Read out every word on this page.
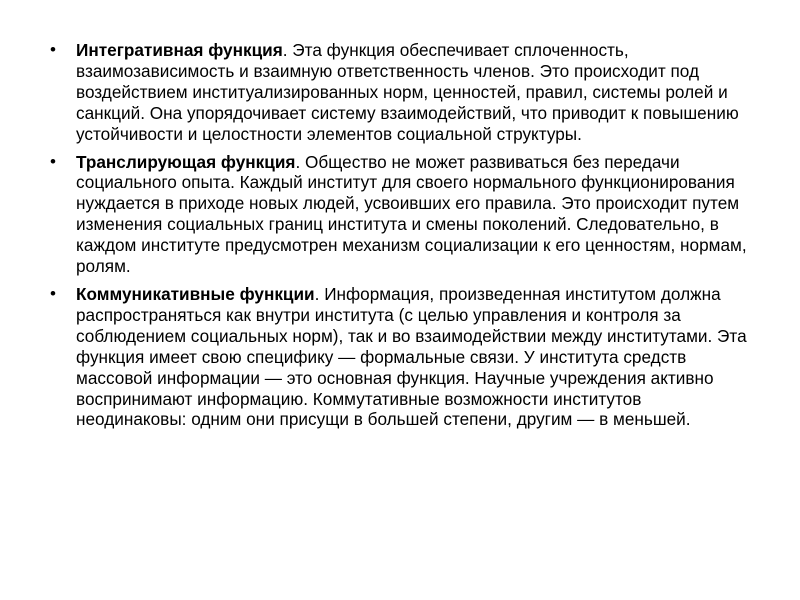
• Интегративная функция. Эта функция обеспечивает сплоченность, взаимозависимость и взаимную ответственность членов. Это происходит под воздействием институализированных норм, ценностей, правил, системы ролей и санкций. Она упорядочивает систему взаимодействий, что приводит к повышению устойчивости и целостности элементов социальной структуры.
• Транслирующая функция. Общество не может развиваться без передачи социального опыта. Каждый институт для своего нормального функционирования нуждается в приходе новых людей, усвоивших его правила. Это происходит путем изменения социальных границ института и смены поколений. Следовательно, в каждом институте предусмотрен механизм социализации к его ценностям, нормам, ролям.
• Коммуникативные функции. Информация, произведенная институтом должна распространяться как внутри института (с целью управления и контроля за соблюдением социальных норм), так и во взаимодействии между институтами. Эта функция имеет свою специфику — формальные связи. У института средств массовой информации — это основная функция. Научные учреждения активно воспринимают информацию. Коммутативные возможности институтов неодинаковы: одним они присущи в большей степени, другим — в меньшей.
